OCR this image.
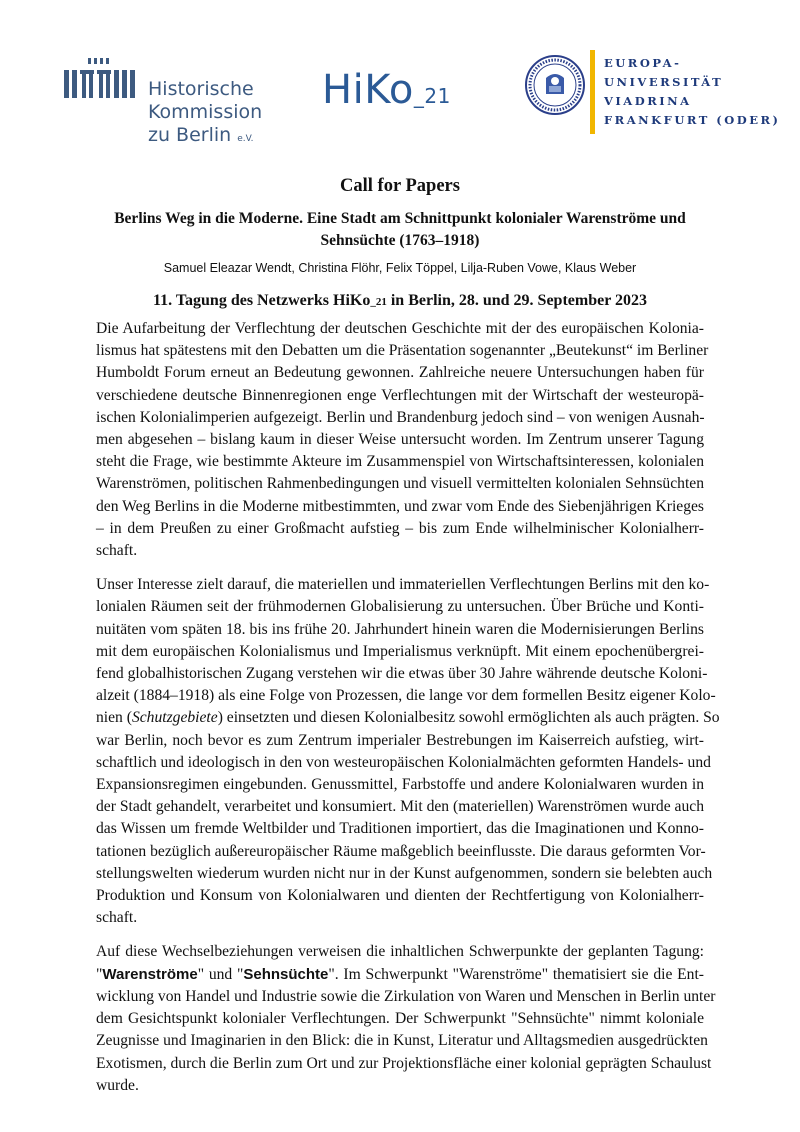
Historische
Kommission
zu Berlin e.V.
HiKo_21
EUROPA-UNIVERSITÄT
VIADRINA
FRANKFURT (ODER)
Call for Papers
Berlins Weg in die Moderne. Eine Stadt am Schnittpunkt kolonialer Warenströme und
Sehnsüchte (1763–1918)
Samuel Eleazar Wendt, Christina Flöhr, Felix Töppel, Lilja-Ruben Vowe, Klaus Weber
11. Tagung des Netzwerks HiKo_21 in Berlin, 28. und 29. September 2023

Die Aufarbeitung der Verflechtung der deutschen Geschichte mit der des europäischen Kolonia-
lismus hat spätestens mit den Debatten um die Präsentation sogenannter „Beutekunst“ im Berliner
Humboldt Forum erneut an Bedeutung gewonnen. Zahlreiche neuere Untersuchungen haben für
verschiedene deutsche Binnenregionen enge Verflechtungen mit der Wirtschaft der westeuropä-
ischen Kolonialimperien aufgezeigt. Berlin und Brandenburg jedoch sind – von wenigen Ausnah-
men abgesehen – bislang kaum in dieser Weise untersucht worden. Im Zentrum unserer Tagung
steht die Frage, wie bestimmte Akteure im Zusammenspiel von Wirtschaftsinteressen, kolonialen
Warenströmen, politischen Rahmenbedingungen und visuell vermittelten kolonialen Sehnsüchten
den Weg Berlins in die Moderne mitbestimmten, und zwar vom Ende des Siebenjährigen Krieges
– in dem Preußen zu einer Großmacht aufstieg – bis zum Ende wilhelminischer Kolonialherr-
schaft.

Unser Interesse zielt darauf, die materiellen und immateriellen Verflechtungen Berlins mit den ko-
lonialen Räumen seit der frühmodernen Globalisierung zu untersuchen. Über Brüche und Konti-
nuitäten vom späten 18. bis ins frühe 20. Jahrhundert hinein waren die Modernisierungen Berlins
mit dem europäischen Kolonialismus und Imperialismus verknüpft. Mit einem epochenübergrei-
fend globalhistorischen Zugang verstehen wir die etwas über 30 Jahre währende deutsche Koloni-
alzeit (1884–1918) als eine Folge von Prozessen, die lange vor dem formellen Besitz eigener Kolo-
nien (Schutzgebiete) einsetzten und diesen Kolonialbesitz sowohl ermöglichten als auch prägten. So
war Berlin, noch bevor es zum Zentrum imperialer Bestrebungen im Kaiserreich aufstieg, wirt-
schaftlich und ideologisch in den von westeuropäischen Kolonialmächten geformten Handels- und
Expansionsregimen eingebunden. Genussmittel, Farbstoffe und andere Kolonialwaren wurden in
der Stadt gehandelt, verarbeitet und konsumiert. Mit den (materiellen) Warenströmen wurde auch
das Wissen um fremde Weltbilder und Traditionen importiert, das die Imaginationen und Konno-
tationen bezüglich außereuropäischer Räume maßgeblich beeinflusste. Die daraus geformten Vor-
stellungswelten wiederum wurden nicht nur in der Kunst aufgenommen, sondern sie belebten auch
Produktion und Konsum von Kolonialwaren und dienten der Rechtfertigung von Kolonialherr-
schaft.

Auf diese Wechselbeziehungen verweisen die inhaltlichen Schwerpunkte der geplanten Tagung:
"Warenströme" und "Sehnsüchte". Im Schwerpunkt "Warenströme" thematisiert sie die Ent-
wicklung von Handel und Industrie sowie die Zirkulation von Waren und Menschen in Berlin unter
dem Gesichtspunkt kolonialer Verflechtungen. Der Schwerpunkt "Sehnsüchte" nimmt koloniale
Zeugnisse und Imaginarien in den Blick: die in Kunst, Literatur und Alltagsmedien ausgedrückten
Exotismen, durch die Berlin zum Ort und zur Projektionsfläche einer kolonial geprägten Schaulust
wurde.
